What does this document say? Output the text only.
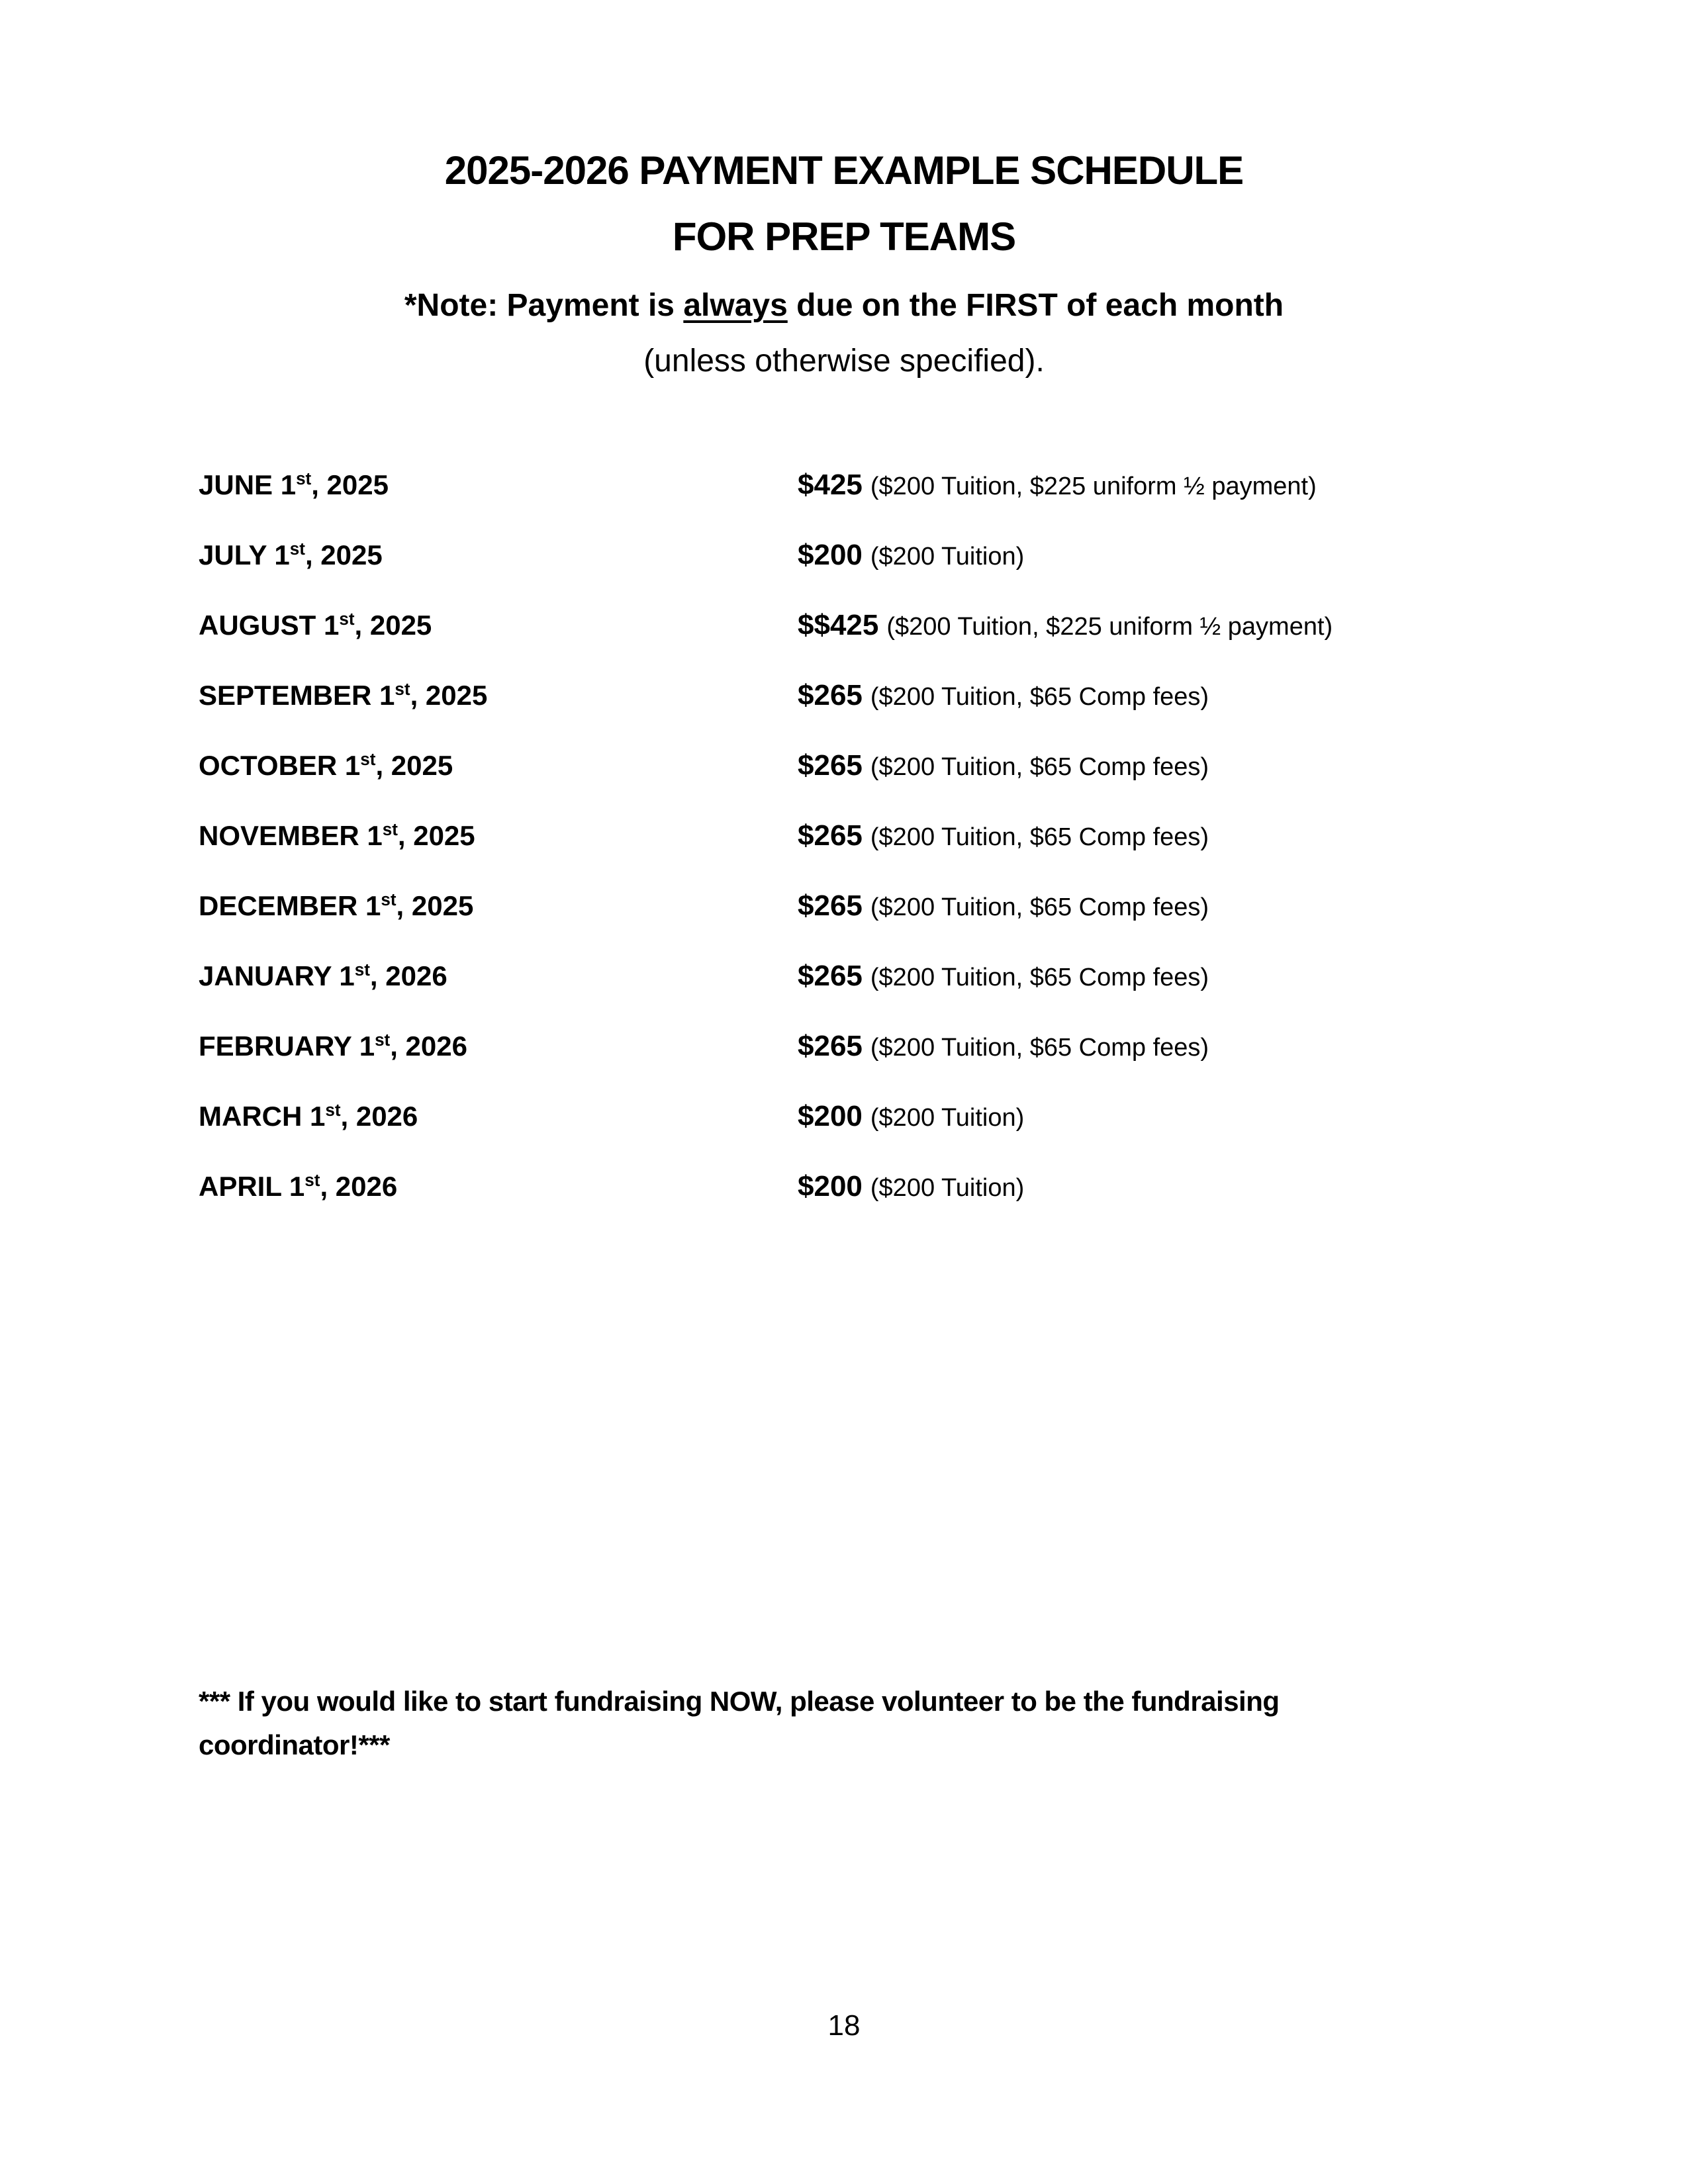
2025-2026 PAYMENT EXAMPLE SCHEDULE
FOR PREP TEAMS
*Note: Payment is always due on the FIRST of each month
(unless otherwise specified).
JUNE 1st, 2025	$425 ($200 Tuition, $225 uniform ½ payment)
JULY 1st, 2025	$200 ($200 Tuition)
AUGUST 1st, 2025	$$425 ($200 Tuition, $225 uniform ½ payment)
SEPTEMBER 1st, 2025	$265 ($200 Tuition, $65 Comp fees)
OCTOBER 1st, 2025	$265 ($200 Tuition, $65 Comp fees)
NOVEMBER 1st, 2025	$265 ($200 Tuition, $65 Comp fees)
DECEMBER 1st, 2025	$265 ($200 Tuition, $65 Comp fees)
JANUARY 1st, 2026	$265 ($200 Tuition, $65 Comp fees)
FEBRUARY 1st, 2026	$265 ($200 Tuition, $65 Comp fees)
MARCH 1st, 2026	$200 ($200 Tuition)
APRIL 1st, 2026	$200 ($200 Tuition)
*** If you would like to start fundraising NOW, please volunteer to be the fundraising
coordinator!***
18
